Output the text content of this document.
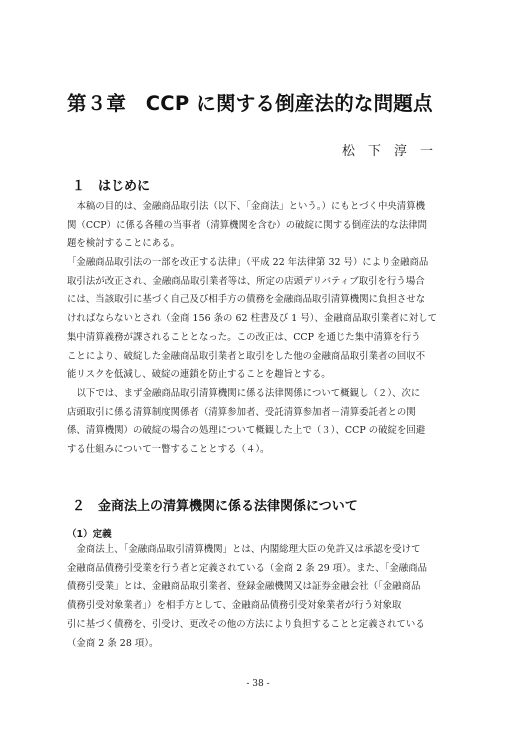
第３章　CCP に関する倒産法的な問題点
松下淳一
１ はじめに
本稿の目的は、金融商品取引法（以下、「金商法」という。）にもとづく中央清算機
関（CCP）に係る各種の当事者（清算機関を含む）の破綻に関する倒産法的な法律問
題を検討することにある。
「金融商品取引法の一部を改正する法律」（平成 22 年法律第 32 号）により金融商品
取引法が改正され、金融商品取引業者等は、所定の店頭デリバティブ取引を行う場合
には、当該取引に基づく自己及び相手方の債務を金融商品取引清算機関に負担させな
ければならないとされ（金商 156 条の 62 柱書及び 1 号）、金融商品取引業者に対して
集中清算義務が課されることとなった。この改正は、CCP を通じた集中清算を行う
ことにより、破綻した金融商品取引業者と取引をした他の金融商品取引業者の回収不
能リスクを低減し、破綻の連鎖を防止することを趣旨とする。
以下では、まず金融商品取引清算機関に係る法律関係について概観し（２）、次に
店頭取引に係る清算制度関係者（清算参加者、受託清算参加者－清算委託者との関
係、清算機関）の破綻の場合の処理について概観した上で（３）、CCP の破綻を回避
する仕組みについて一瞥することとする（４）。
２ 金商法上の清算機関に係る法律関係について
（1）定義
金商法上、「金融商品取引清算機関」とは、内閣総理大臣の免許又は承認を受けて
金融商品債務引受業を行う者と定義されている（金商 2 条 29 項）。また、「金融商品
債務引受業」とは、金融商品取引業者、登録金融機関又は証券金融会社（「金融商品
債務引受対象業者」）を相手方として、金融商品債務引受対象業者が行う対象取
引に基づく債務を、引受け、更改その他の方法により負担することと定義されている
（金商 2 条 28 項）。
- 38 -
